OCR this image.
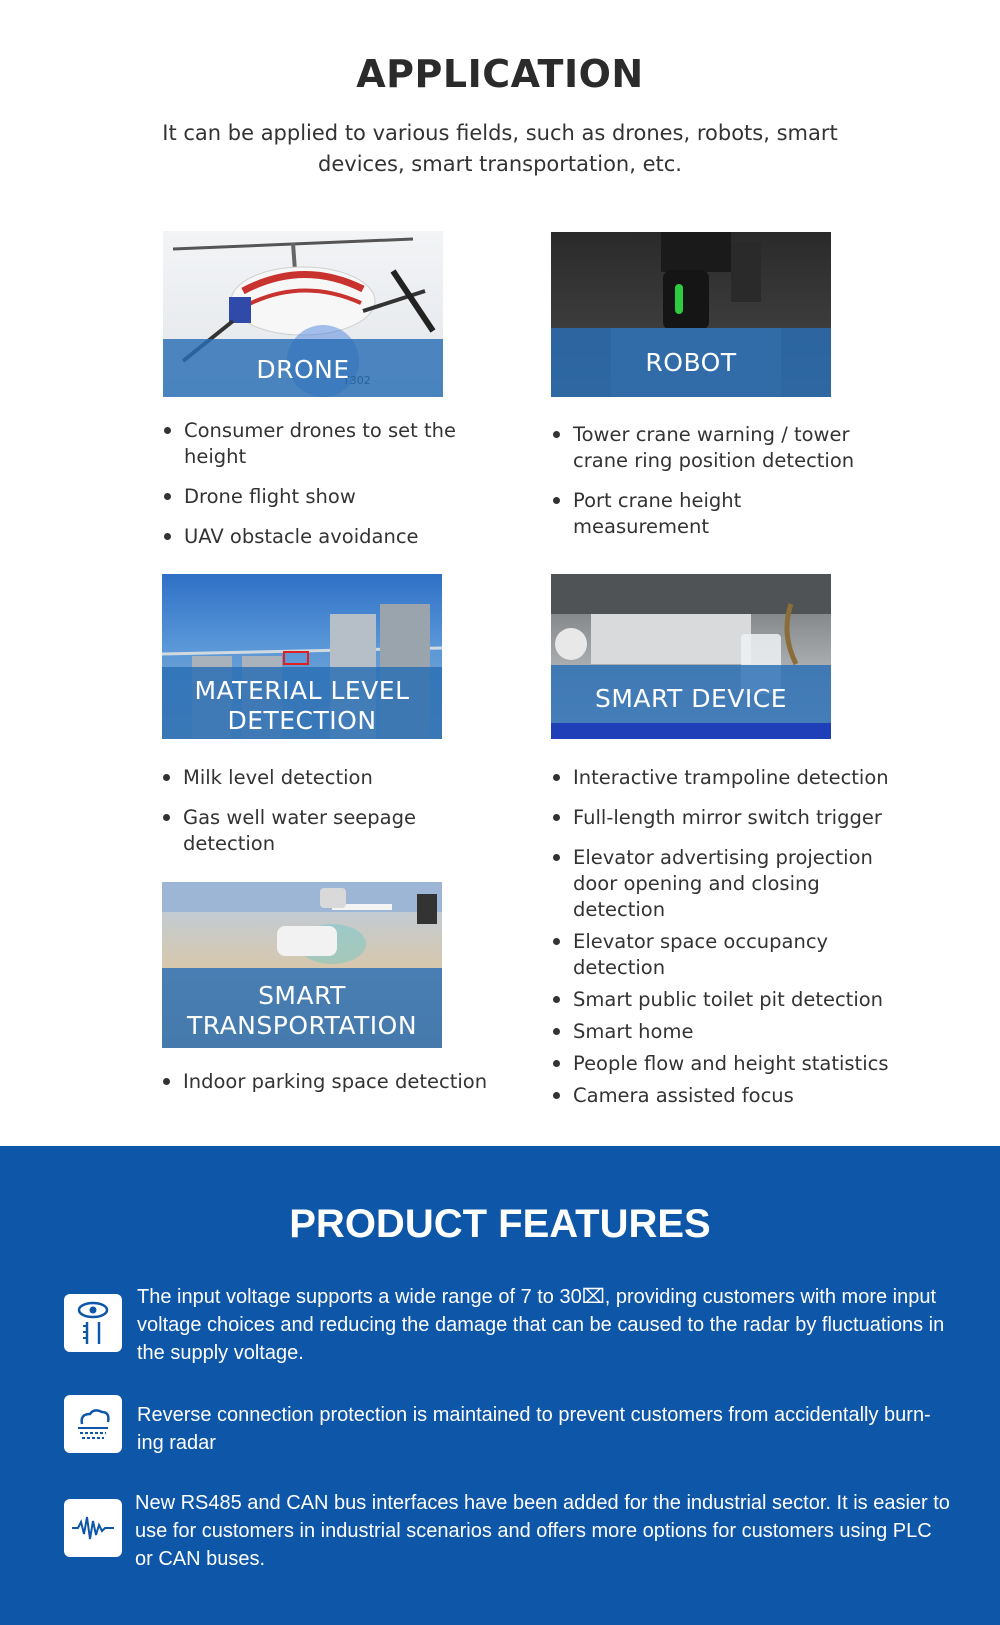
APPLICATION

It can be applied to various fields, such as drones, robots, smart devices, smart transportation, etc.

DRONE
Consumer drones to set the height
Drone flight show
UAV obstacle avoidance
ROBOT
Tower crane warning / tower crane ring position detection
Port crane height measurement
MATERIAL LEVEL
DETECTION
Milk level detection
Gas well water seepage detection
SMART DEVICE
Interactive trampoline detection
Full-length mirror switch trigger
Elevator advertising projection door opening and closing detection
Elevator space occupancy detection
Smart public toilet pit detection
Smart home
People flow and height statistics
Camera assisted focus
SMART
TRANSPORTATION
Indoor parking space detection
PRODUCT FEATURES

The input voltage supports a wide range of 7 to 30⌧, providing customers with more input voltage choices and reducing the damage that can be caused to the radar by fluctuations in the supply voltage.

Reverse connection protection is maintained to prevent customers from accidentally burn- ing radar

New RS485 and CAN bus interfaces have been added for the industrial sector. It is easier to use for customers in industrial scenarios and offers more options for customers using PLC or CAN buses.
